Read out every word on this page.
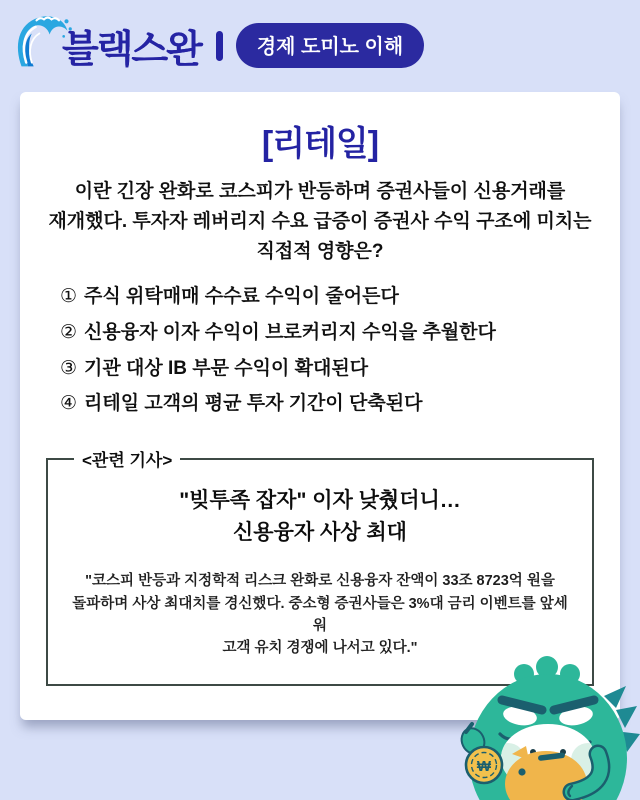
블랙스완	경제 도미노 이해
[리테일]
이란 긴장 완화로 코스피가 반등하며 증권사들이 신용거래를
재개했다. 투자자 레버리지 수요 급증이 증권사 수익 구조에 미치는
직접적 영향은?
① 주식 위탁매매 수수료 수익이 줄어든다
② 신용융자 이자 수익이 브로커리지 수익을 추월한다
③ 기관 대상 IB 부문 수익이 확대된다
④ 리테일 고객의 평균 투자 기간이 단축된다
<관련 기사>
"빚투족 잡자" 이자 낮췄더니…
신용융자 사상 최대
"코스피 반등과 지정학적 리스크 완화로 신용융자 잔액이 33조 8723억 원을
돌파하며 사상 최대치를 경신했다. 중소형 증권사들은 3%대 금리 이벤트를 앞세워
고객 유치 경쟁에 나서고 있다."
₩
